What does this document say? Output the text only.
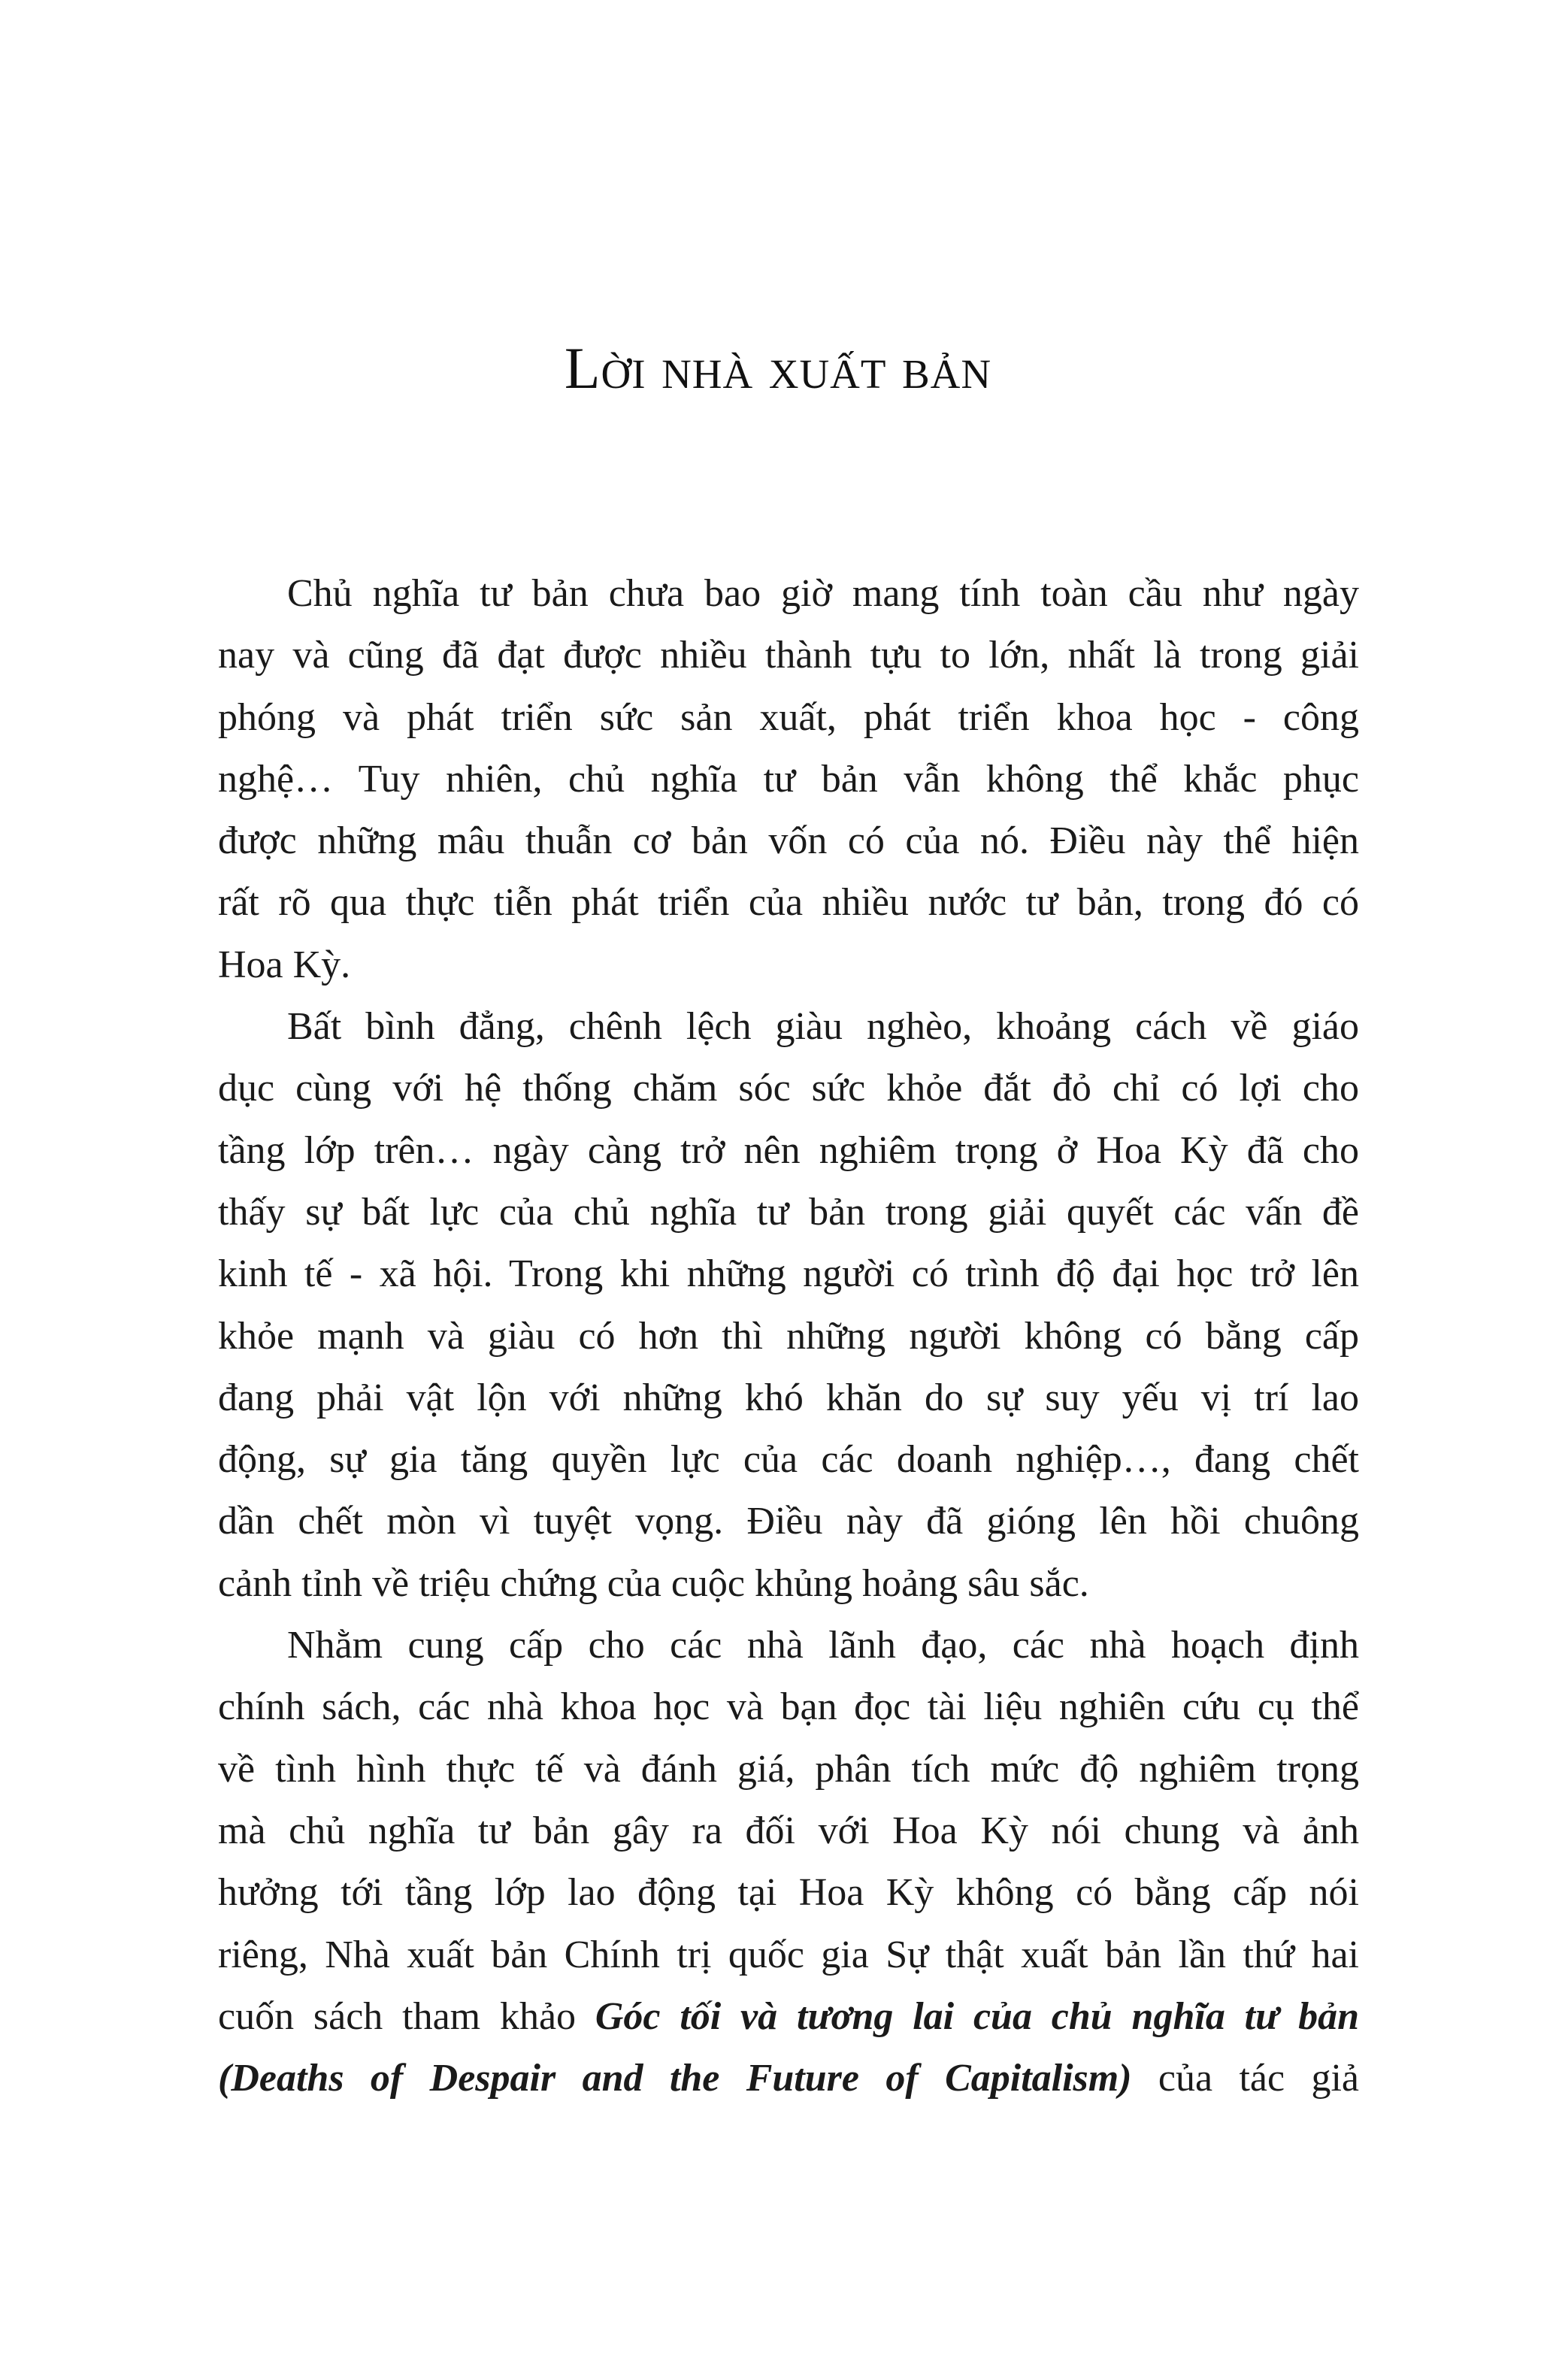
Lời nhà xuất bản
Chủ nghĩa tư bản chưa bao giờ mang tính toàn cầu như ngày
nay và cũng đã đạt được nhiều thành tựu to lớn, nhất là trong giải
phóng và phát triển sức sản xuất, phát triển khoa học - công
nghệ… Tuy nhiên, chủ nghĩa tư bản vẫn không thể khắc phục
được những mâu thuẫn cơ bản vốn có của nó. Điều này thể hiện
rất rõ qua thực tiễn phát triển của nhiều nước tư bản, trong đó có
Hoa Kỳ.
Bất bình đẳng, chênh lệch giàu nghèo, khoảng cách về giáo
dục cùng với hệ thống chăm sóc sức khỏe đắt đỏ chỉ có lợi cho
tầng lớp trên… ngày càng trở nên nghiêm trọng ở Hoa Kỳ đã cho
thấy sự bất lực của chủ nghĩa tư bản trong giải quyết các vấn đề
kinh tế - xã hội. Trong khi những người có trình độ đại học trở lên
khỏe mạnh và giàu có hơn thì những người không có bằng cấp
đang phải vật lộn với những khó khăn do sự suy yếu vị trí lao
động, sự gia tăng quyền lực của các doanh nghiệp…, đang chết
dần chết mòn vì tuyệt vọng. Điều này đã gióng lên hồi chuông
cảnh tỉnh về triệu chứng của cuộc khủng hoảng sâu sắc.
Nhằm cung cấp cho các nhà lãnh đạo, các nhà hoạch định
chính sách, các nhà khoa học và bạn đọc tài liệu nghiên cứu cụ thể
về tình hình thực tế và đánh giá, phân tích mức độ nghiêm trọng
mà chủ nghĩa tư bản gây ra đối với Hoa Kỳ nói chung và ảnh
hưởng tới tầng lớp lao động tại Hoa Kỳ không có bằng cấp nói
riêng, Nhà xuất bản Chính trị quốc gia Sự thật xuất bản lần thứ hai
cuốn sách tham khảo Góc tối và tương lai của chủ nghĩa tư bản
(Deaths of Despair and the Future of Capitalism) của tác giả
